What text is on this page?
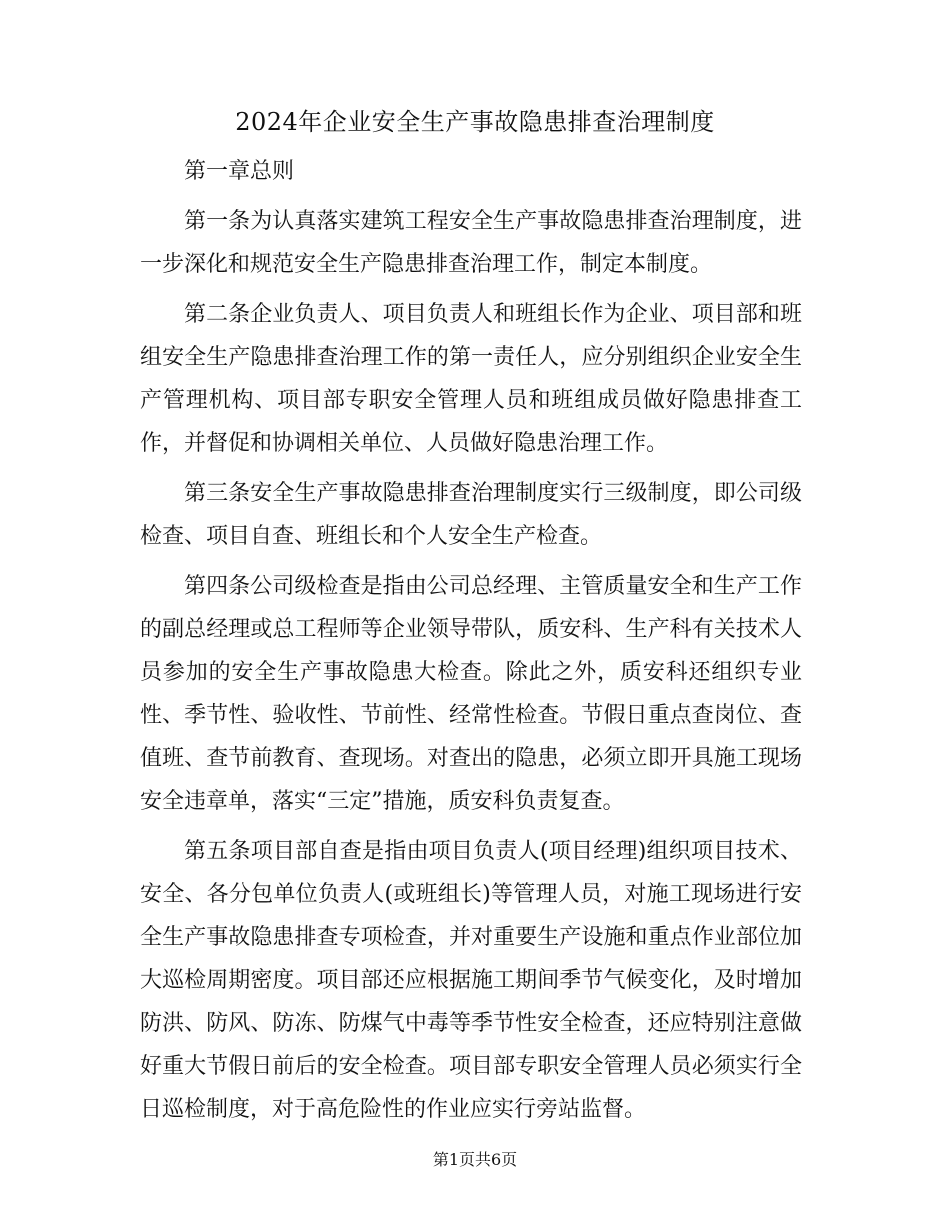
2024年企业安全生产事故隐患排查治理制度

第一章总则

第一条为认真落实建筑工程安全生产事故隐患排查治理制度，进一步深化和规范安全生产隐患排查治理工作，制定本制度。

第二条企业负责人、项目负责人和班组长作为企业、项目部和班组安全生产隐患排查治理工作的第一责任人，应分别组织企业安全生产管理机构、项目部专职安全管理人员和班组成员做好隐患排查工作，并督促和协调相关单位、人员做好隐患治理工作。

第三条安全生产事故隐患排查治理制度实行三级制度，即公司级检查、项目自查、班组长和个人安全生产检查。

第四条公司级检查是指由公司总经理、主管质量安全和生产工作的副总经理或总工程师等企业领导带队，质安科、生产科有关技术人员参加的安全生产事故隐患大检查。除此之外，质安科还组织专业性、季节性、验收性、节前性、经常性检查。节假日重点查岗位、查值班、查节前教育、查现场。对查出的隐患，必须立即开具施工现场安全违章单，落实“三定”措施，质安科负责复查。

第五条项目部自查是指由项目负责人(项目经理)组织项目技术、安全、各分包单位负责人(或班组长)等管理人员，对施工现场进行安全生产事故隐患排查专项检查，并对重要生产设施和重点作业部位加大巡检周期密度。项目部还应根据施工期间季节气候变化，及时增加防洪、防风、防冻、防煤气中毒等季节性安全检查，还应特别注意做好重大节假日前后的安全检查。项目部专职安全管理人员必须实行全日巡检制度，对于高危险性的作业应实行旁站监督。

第1页共6页
